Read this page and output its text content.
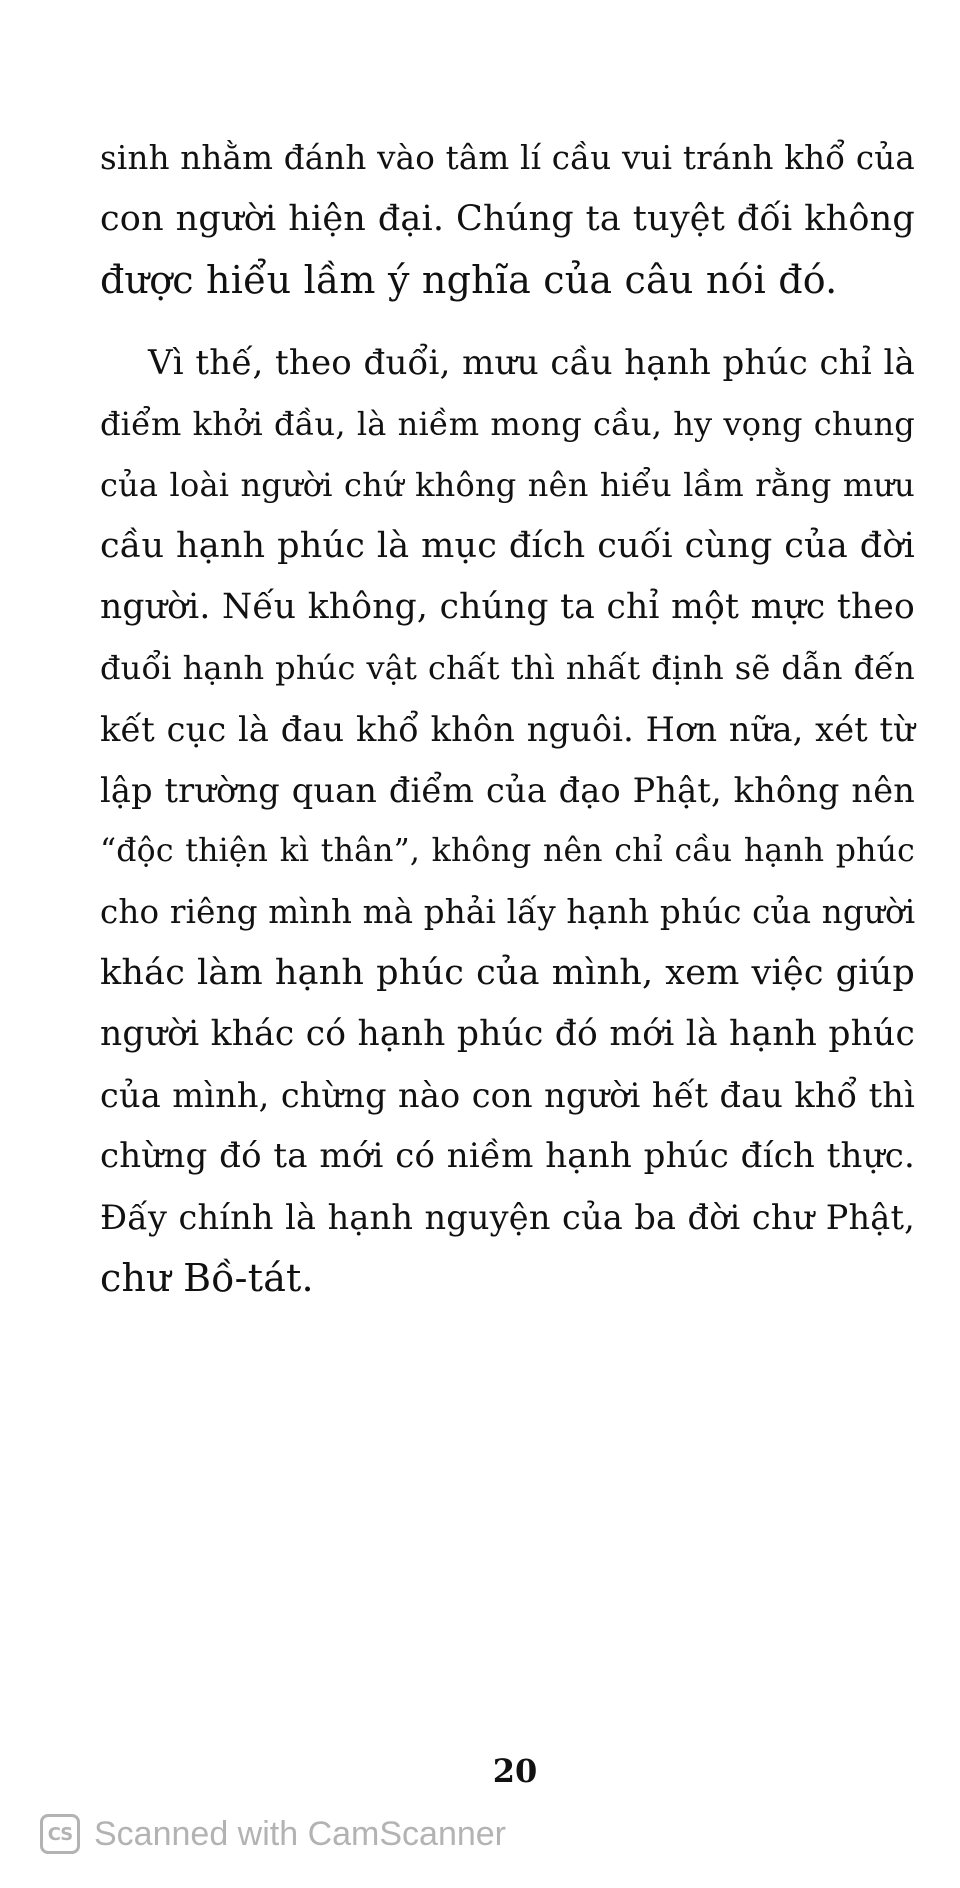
sinh nhằm đánh vào tâm lí cầu vui tránh khổ của
con người hiện đại. Chúng ta tuyệt đối không
được hiểu lầm ý nghĩa của câu nói đó.
Vì thế, theo đuổi, mưu cầu hạnh phúc chỉ là
điểm khởi đầu, là niềm mong cầu, hy vọng chung
của loài người chứ không nên hiểu lầm rằng mưu
cầu hạnh phúc là mục đích cuối cùng của đời
người. Nếu không, chúng ta chỉ một mực theo
đuổi hạnh phúc vật chất thì nhất định sẽ dẫn đến
kết cục là đau khổ khôn nguôi. Hơn nữa, xét từ
lập trường quan điểm của đạo Phật, không nên
“độc thiện kì thân”, không nên chỉ cầu hạnh phúc
cho riêng mình mà phải lấy hạnh phúc của người
khác làm hạnh phúc của mình, xem việc giúp
người khác có hạnh phúc đó mới là hạnh phúc
của mình, chừng nào con người hết đau khổ thì
chừng đó ta mới có niềm hạnh phúc đích thực.
Đấy chính là hạnh nguyện của ba đời chư Phật,
chư Bồ-tát.
20
CS Scanned with CamScanner
